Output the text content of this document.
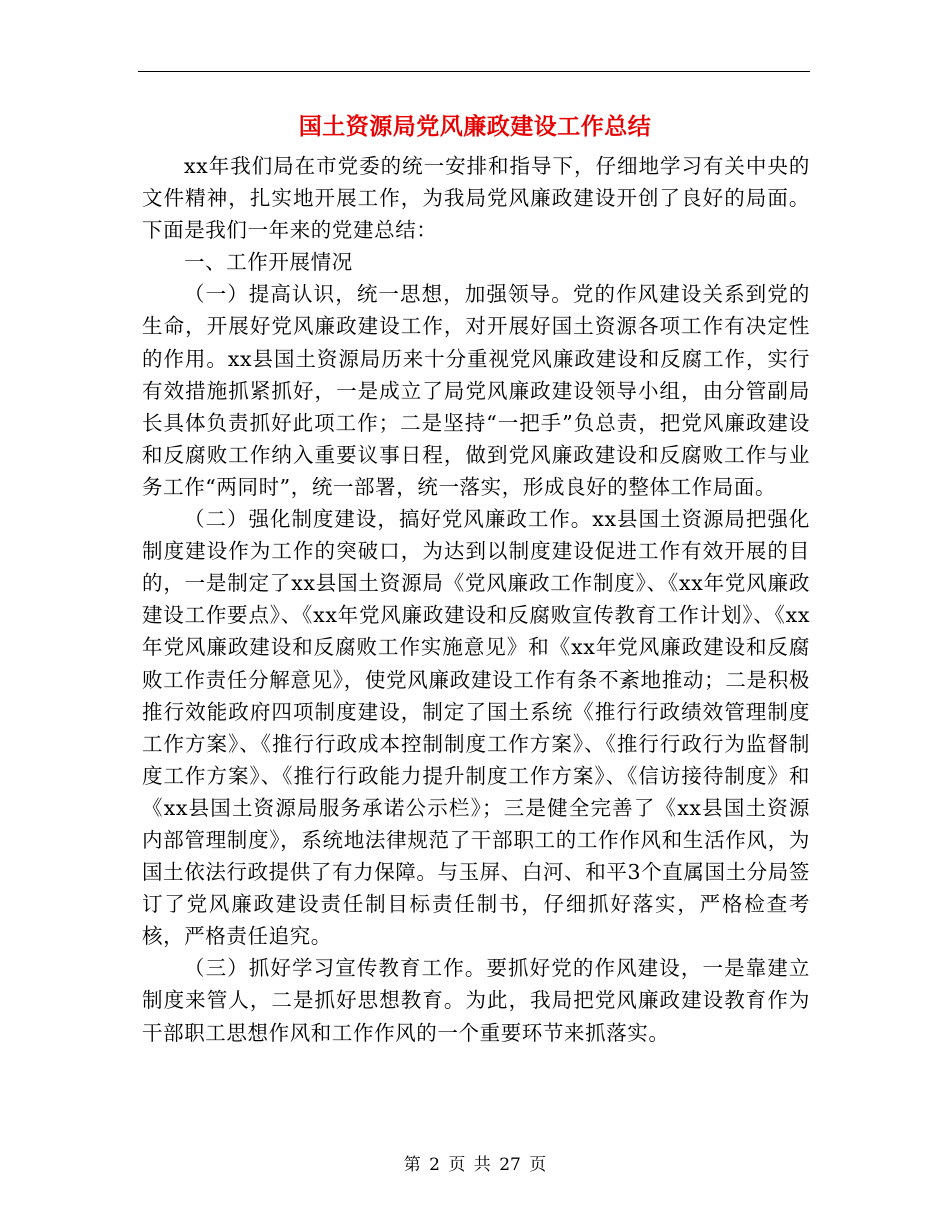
国土资源局党风廉政建设工作总结

xx年我们局在市党委的统一安排和指导下，仔细地学习有关中央的文件精神，扎实地开展工作，为我局党风廉政建设开创了良好的局面。下面是我们一年来的党建总结：

一、工作开展情况

（一）提高认识，统一思想，加强领导。党的作风建设关系到党的生命，开展好党风廉政建设工作，对开展好国土资源各项工作有决定性的作用。xx县国土资源局历来十分重视党风廉政建设和反腐工作，实行有效措施抓紧抓好，一是成立了局党风廉政建设领导小组，由分管副局长具体负责抓好此项工作；二是坚持“一把手”负总责，把党风廉政建设和反腐败工作纳入重要议事日程，做到党风廉政建设和反腐败工作与业务工作“两同时”，统一部署，统一落实，形成良好的整体工作局面。

（二）强化制度建设，搞好党风廉政工作。xx县国土资源局把强化制度建设作为工作的突破口，为达到以制度建设促进工作有效开展的目的，一是制定了xx县国土资源局《党风廉政工作制度》、《xx年党风廉政建设工作要点》、《xx年党风廉政建设和反腐败宣传教育工作计划》、《xx年党风廉政建设和反腐败工作实施意见》和《xx年党风廉政建设和反腐败工作责任分解意见》，使党风廉政建设工作有条不紊地推动；二是积极推行效能政府四项制度建设，制定了国土系统《推行行政绩效管理制度工作方案》、《推行行政成本控制制度工作方案》、《推行行政行为监督制度工作方案》、《推行行政能力提升制度工作方案》、《信访接待制度》和《xx县国土资源局服务承诺公示栏》；三是健全完善了《xx县国土资源内部管理制度》，系统地法律规范了干部职工的工作作风和生活作风，为国土依法行政提供了有力保障。与玉屏、白河、和平3个直属国土分局签订了党风廉政建设责任制目标责任制书，仔细抓好落实，严格检查考核，严格责任追究。

（三）抓好学习宣传教育工作。要抓好党的作风建设，一是靠建立制度来管人，二是抓好思想教育。为此，我局把党风廉政建设教育作为干部职工思想作风和工作作风的一个重要环节来抓落实。

第 2 页 共 27 页
